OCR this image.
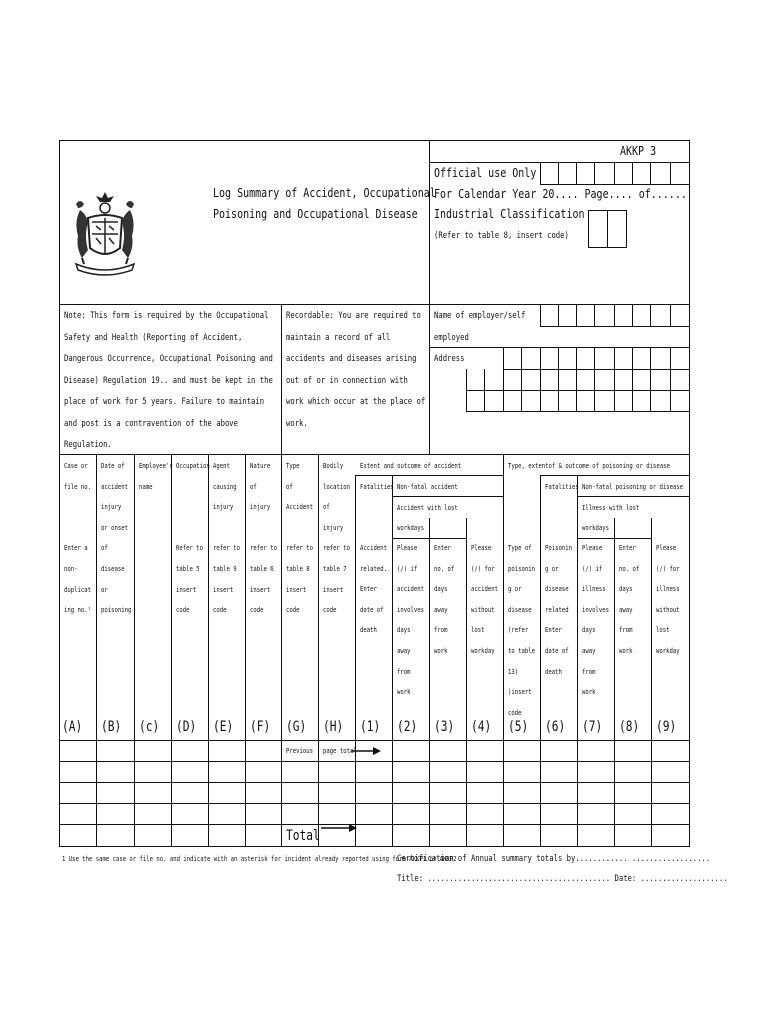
Log Summary of Accident, Occupational
Poisoning and Occupational Disease
AKKP 3
Official use Only
For Calendar Year 20.... Page.... of......
Industrial Classification
(Refer to table 8, insert code)
Note: This form is required by the Occupational
Safety and Health (Reporting of Accident,
Dangerous Occurrence, Occupational Poisoning and
Disease) Regulation 19.. and must be kept in the
place of work for 5 years. Failure to maintain
and post is a contravention of the above
Regulation.
Recordable: You are required to
maintain a record of all
accidents and diseases arising
out of or in connection with
work which occur at the place of
work.
Name of employer/self
employed
Address
Extent and outcome of accident	Type, extentof & outcome of poisoning or disease
Fatalities Non-fatal accident
Accident with lost
workdays
Fatalities Non-fatal poisoning or disease
Illness with lost
workdays
Case or
file no.
Enter a
non-
duplicat
ing no.¹
Date of
accident
injury
or onset
of
disease
or
poisoning
Employee's
name
Occupation
Refer to
table 5
insert
code
Agent
causing
injury
refer to
table 9
insert
code
Nature
of
injury
refer to
table 6
insert
code
Type
of
Accident
refer to
table 8
insert
code
Bodily
location
of
injury
refer to
table 7
insert
code
Accident
related.
Enter
date of
death
Please
(/) if
accident
involves
days
away
from
work
Enter
no. of
days
away
from
work
Please
(/) for
accident
without
lost
workday
Type of
poisonin
g or
disease
(refer
to table
13)
)insert
code
Poisonin
g or
disease
related
Enter
date of
death
Please
(/) if
illness
involves
days
away
from
work
Enter
no. of
days
away
from
work
Please
(/) for
illness
without
lost
workday
(A) (B) (c) (D) (E) (F) (G) (H) (1) (2) (3) (4) (5) (6) (7) (8) (9)
Previous page total
Total
1 Use the same case or file no. and indicate with an asterisk for incident already reported using form AKKP1 or AKKP2
Certification of Annual summary totals by............ ..................
Title: .......................................... Date: ....................
